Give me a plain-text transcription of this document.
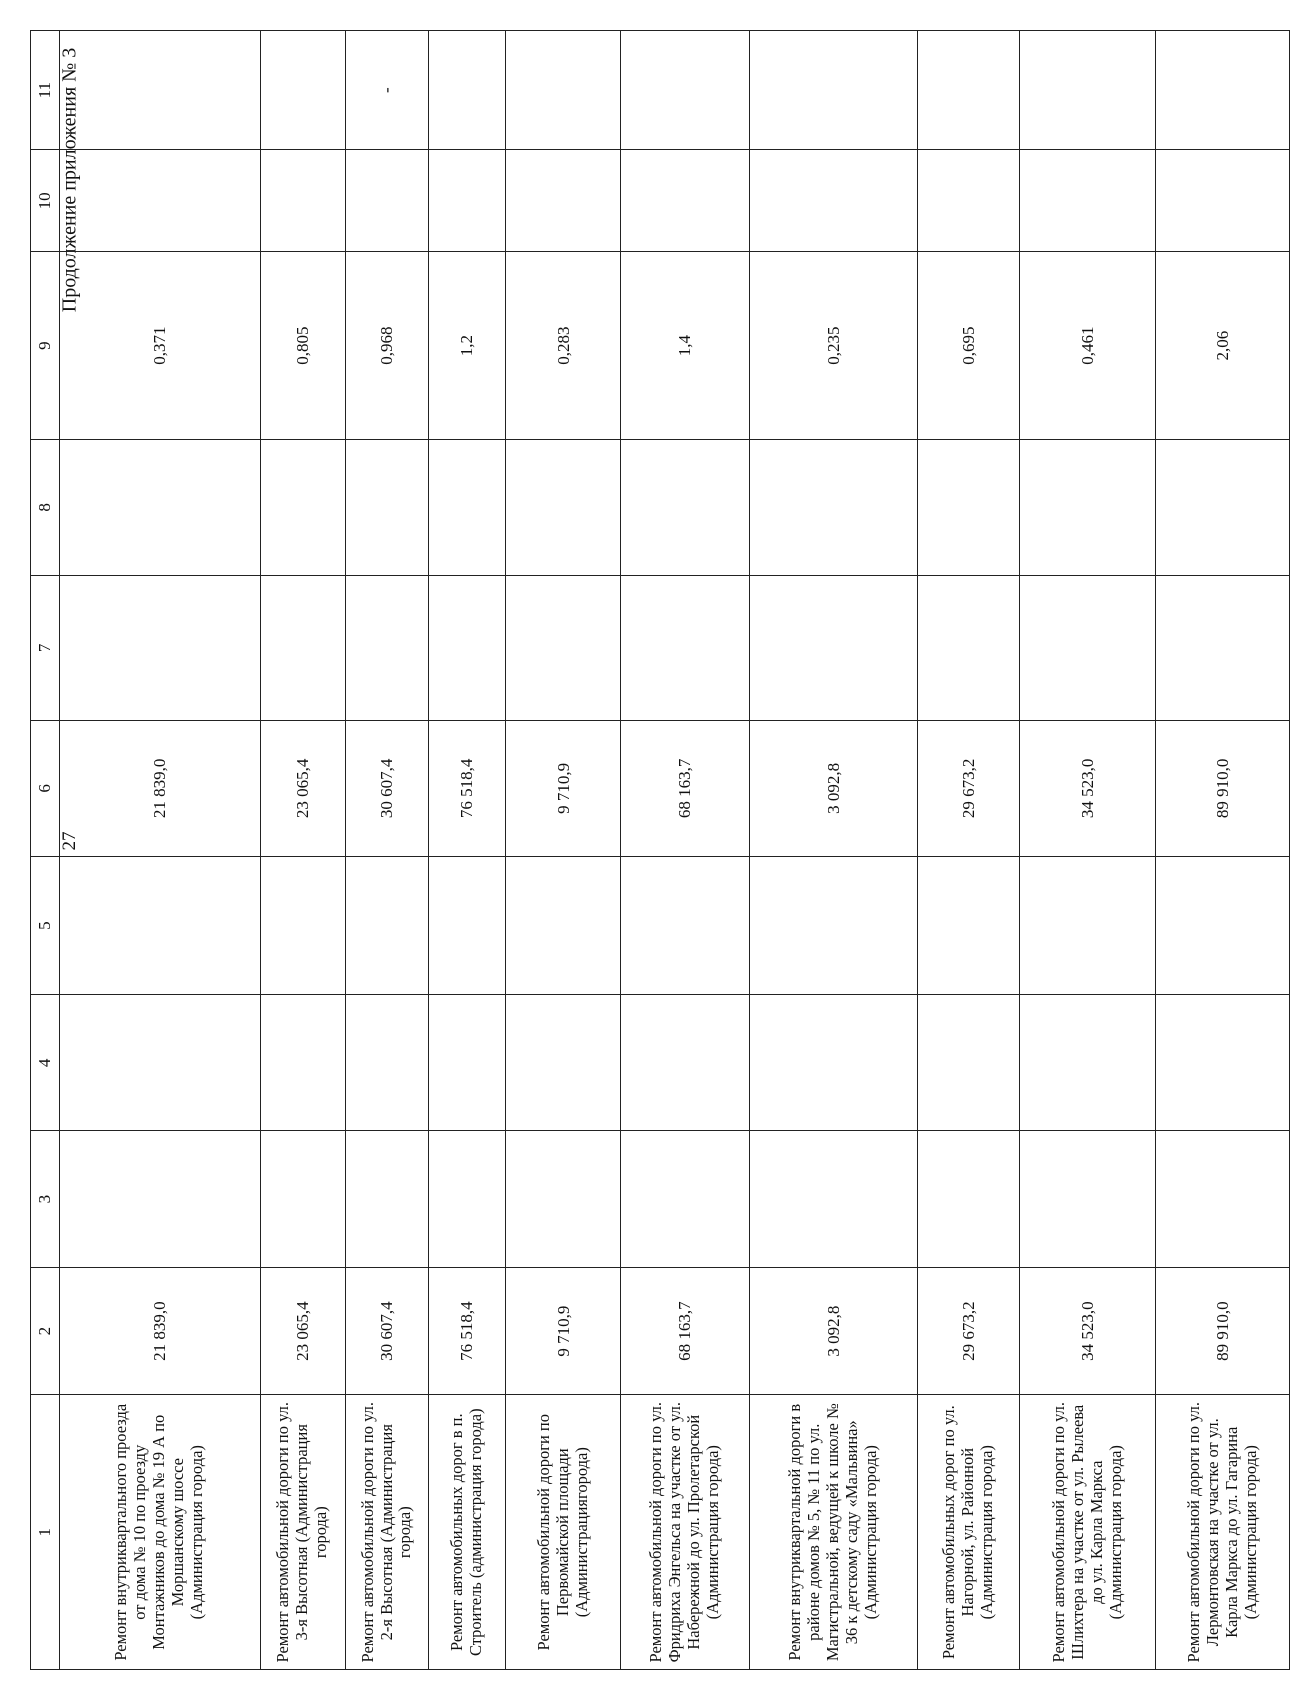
27
Продолжение приложения № 3
1	2	3	4	5	6	7	8	9	10	11
Ремонт внутриквартального проезда от дома № 10 по проезду Монтажников до дома № 19 А по Моршанскому шоссе (Администрация города)	21 839,0				21 839,0			0,371		
Ремонт автомобильной дороги по ул. 3-я Высотная (Администрация города)	23 065,4				23 065,4			0,805		
Ремонт автомобильной дороги по ул. 2-я Высотная (Администрация города)	30 607,4				30 607,4			0,968		-
Ремонт автомобильных дорог в п. Строитель (администрация города)	76 518,4				76 518,4			1,2		
Ремонт автомобильной дороги по Первомайской площади (Администрациягорода)	9 710,9				9 710,9			0,283		
Ремонт автомобильной дороги по ул. Фридриха Энгельса на участке от ул. Набережной до ул. Пролетарской (Администрация города)	68 163,7				68 163,7			1,4		
Ремонт внутриквартальной дороги в районе домов № 5, № 11 по ул. Магистральной, ведущей к школе № 36 к детскому саду «Мальвина» (Администрация города)	3 092,8				3 092,8			0,235		
Ремонт автомобильных дорог по ул. Нагорной, ул. Районной (Администрация города)	29 673,2				29 673,2			0,695		
Ремонт автомобильной дороги по ул. Шлихтера на участке от ул. Рылеева до ул. Карла Маркса (Администрация города)	34 523,0				34 523,0			0,461		
Ремонт автомобильной дороги по ул. Лермонтовская на участке от ул. Карла Маркса до ул. Гагарина (Администрация города)	89 910,0				89 910,0			2,06		
